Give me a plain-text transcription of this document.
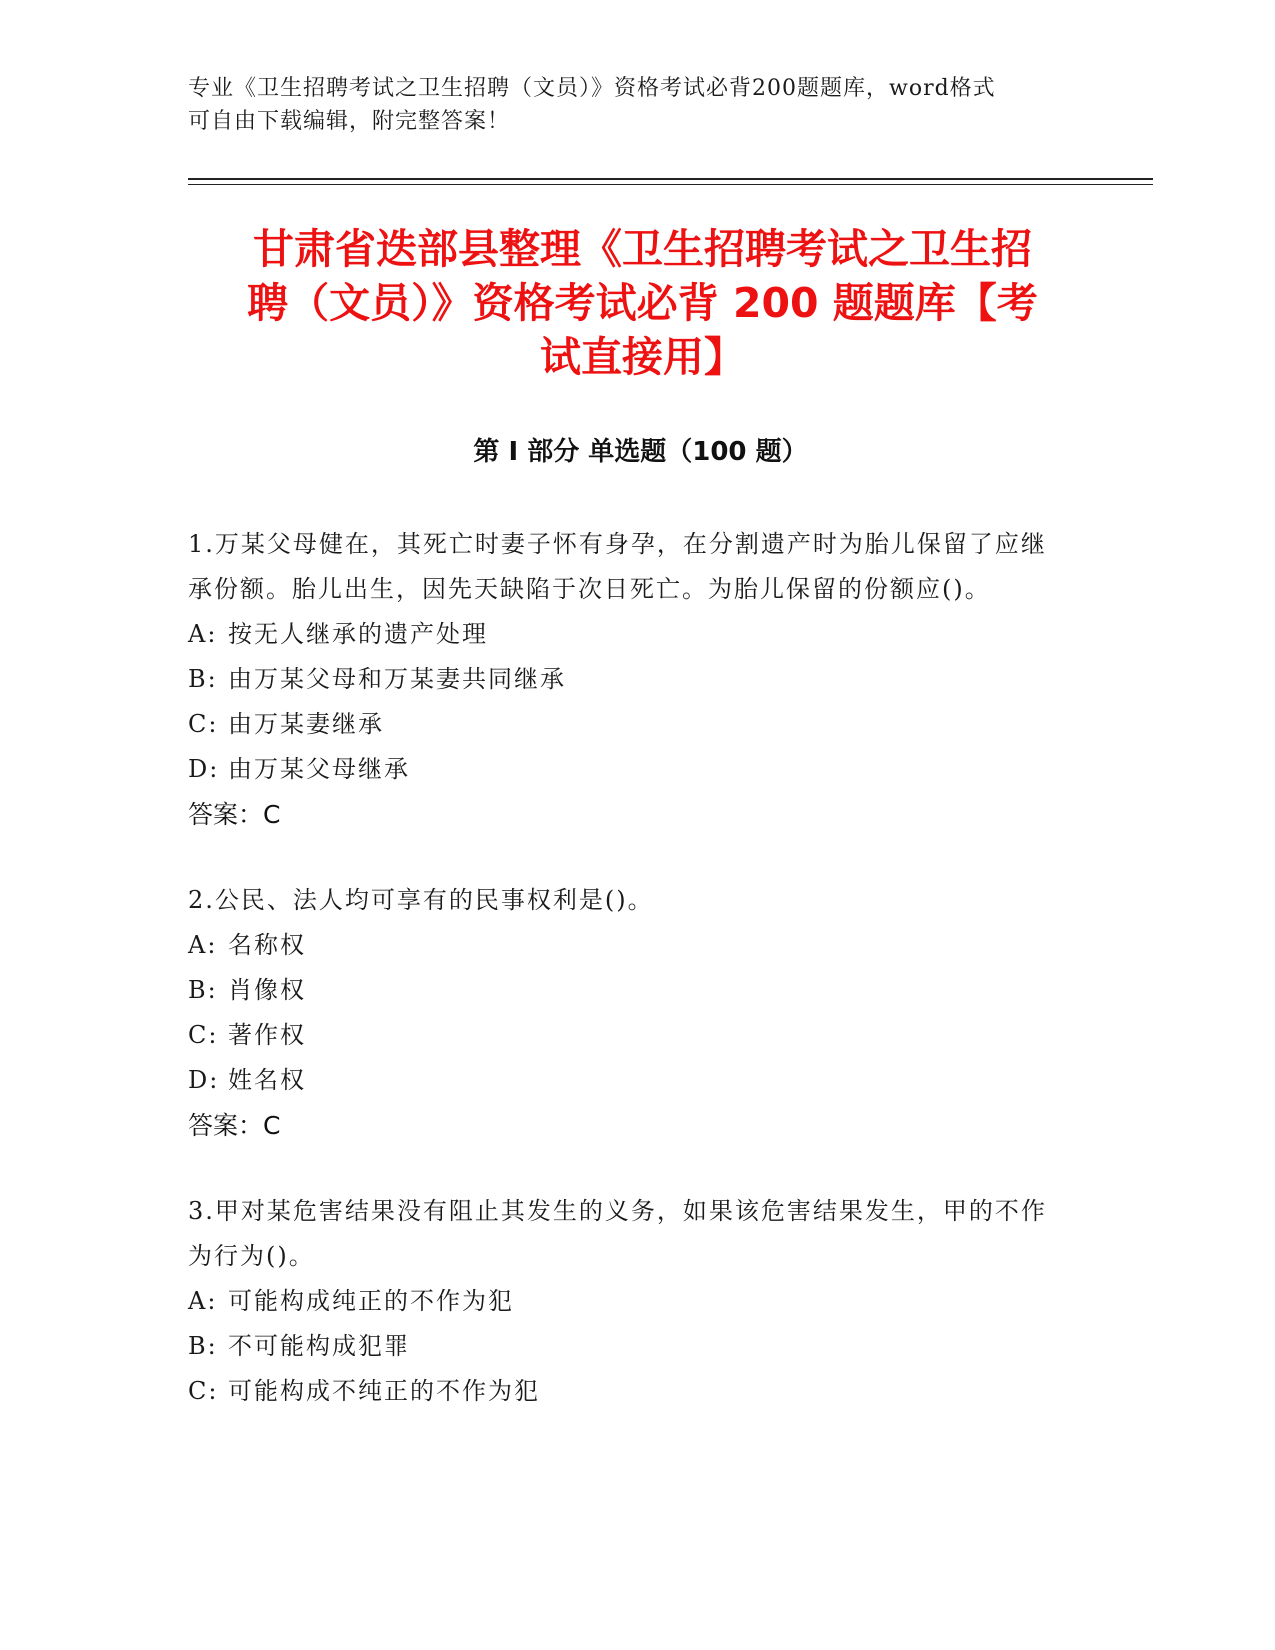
专业《卫生招聘考试之卫生招聘（文员）》资格考试必背200题题库，word格式
可自由下载编辑，附完整答案！
甘肃省迭部县整理《卫生招聘考试之卫生招
聘（文员）》资格考试必背 200 题题库【考
试直接用】
第 I 部分 单选题（100 题）

1.万某父母健在，其死亡时妻子怀有身孕，在分割遗产时为胎儿保留了应继承份额。胎儿出生，因先天缺陷于次日死亡。为胎儿保留的份额应()。

A: 按无人继承的遗产处理

B: 由万某父母和万某妻共同继承

C: 由万某妻继承

D: 由万某父母继承

答案：C

2.公民、法人均可享有的民事权利是()。

A: 名称权

B: 肖像权

C: 著作权

D: 姓名权

答案：C

3.甲对某危害结果没有阻止其发生的义务，如果该危害结果发生，甲的不作为行为()。

A: 可能构成纯正的不作为犯

B: 不可能构成犯罪

C: 可能构成不纯正的不作为犯
